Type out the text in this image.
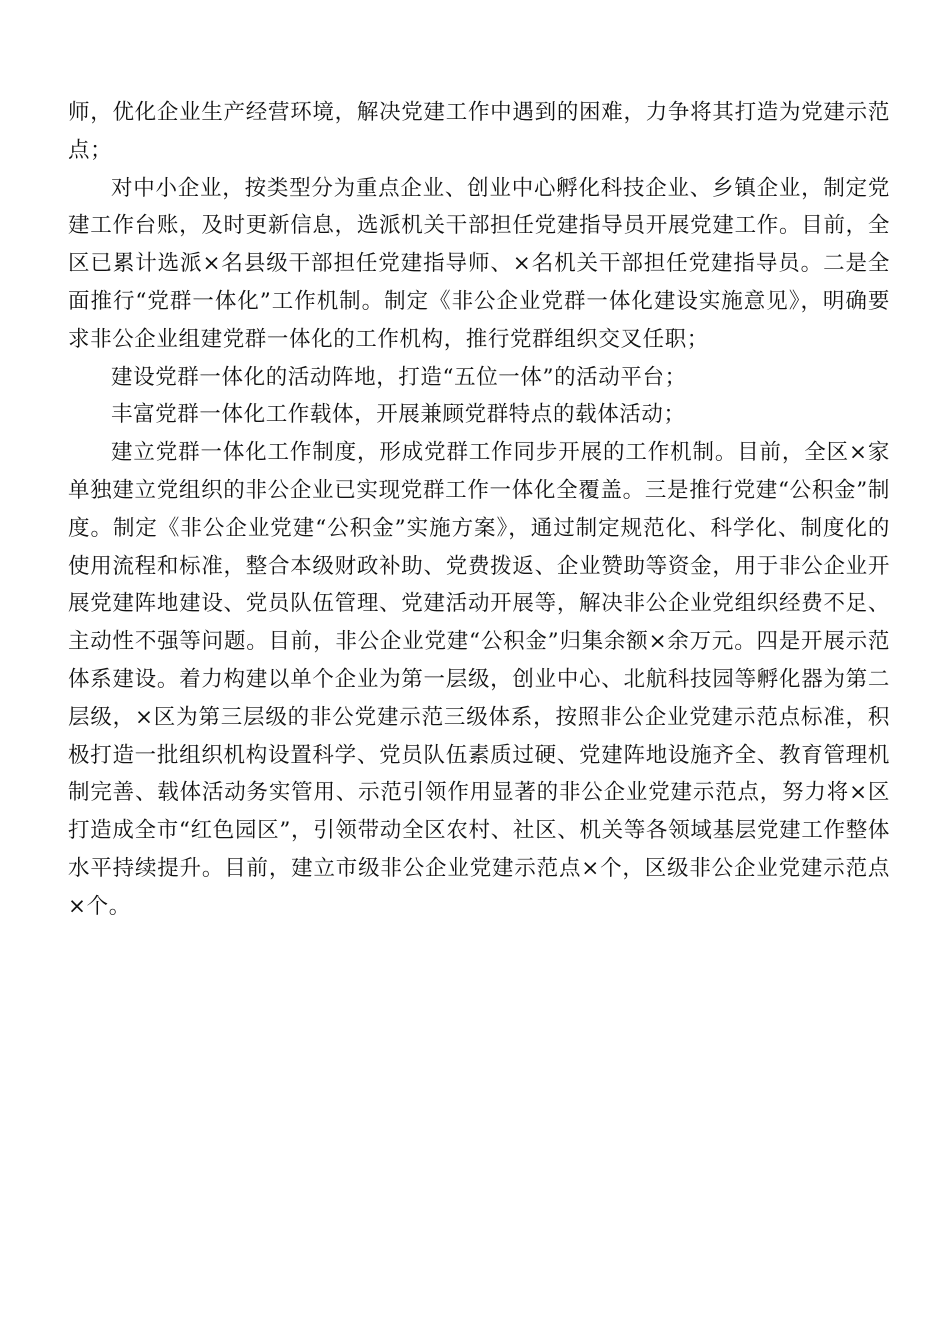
师，优化企业生产经营环境，解决党建工作中遇到的困难，力争将其打造为党建示范点；

对中小企业，按类型分为重点企业、创业中心孵化科技企业、乡镇企业，制定党建工作台账，及时更新信息，选派机关干部担任党建指导员开展党建工作。目前，全区已累计选派×名县级干部担任党建指导师、×名机关干部担任党建指导员。二是全面推行“党群一体化”工作机制。制定《非公企业党群一体化建设实施意见》，明确要求非公企业组建党群一体化的工作机构，推行党群组织交叉任职；

建设党群一体化的活动阵地，打造“五位一体”的活动平台；

丰富党群一体化工作载体，开展兼顾党群特点的载体活动；

建立党群一体化工作制度，形成党群工作同步开展的工作机制。目前，全区×家单独建立党组织的非公企业已实现党群工作一体化全覆盖。三是推行党建“公积金”制度。制定《非公企业党建“公积金”实施方案》，通过制定规范化、科学化、制度化的使用流程和标准，整合本级财政补助、党费拨返、企业赞助等资金，用于非公企业开展党建阵地建设、党员队伍管理、党建活动开展等，解决非公企业党组织经费不足、主动性不强等问题。目前，非公企业党建“公积金”归集余额×余万元。四是开展示范体系建设。着力构建以单个企业为第一层级，创业中心、北航科技园等孵化器为第二层级，×区为第三层级的非公党建示范三级体系，按照非公企业党建示范点标准，积极打造一批组织机构设置科学、党员队伍素质过硬、党建阵地设施齐全、教育管理机制完善、载体活动务实管用、示范引领作用显著的非公企业党建示范点，努力将×区打造成全市“红色园区”，引领带动全区农村、社区、机关等各领域基层党建工作整体水平持续提升。目前，建立市级非公企业党建示范点×个，区级非公企业党建示范点×个。
